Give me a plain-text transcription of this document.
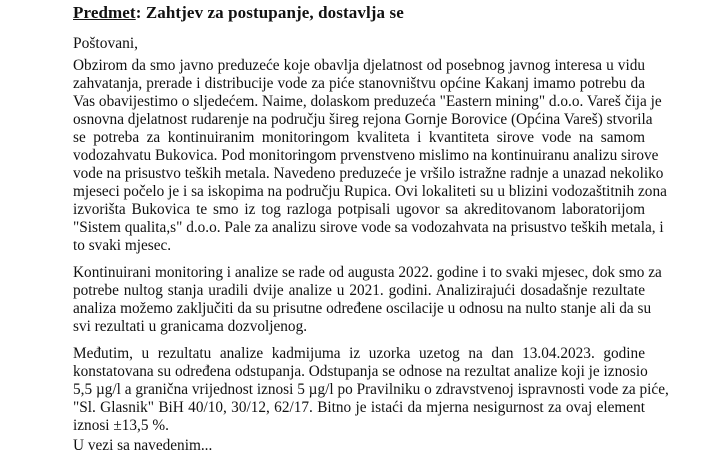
Predmet: Zahtjev za postupanje, dostavlja se
Poštovani,
Obzirom da smo javno preduzeće koje obavlja djelatnost od posebnog javnog interesa u vidu
zahvatanja, prerade i distribucije vode za piće stanovništvu općine Kakanj imamo potrebu da
Vas obavijestimo o sljedećem. Naime, dolaskom preduzeća "Eastern mining" d.o.o. Vareš čija je
osnovna djelatnost rudarenje na području šireg rejona Gornje Borovice (Općina Vareš) stvorila
se potreba za kontinuiranim monitoringom kvaliteta i kvantiteta sirove vode na samom
vodozahvatu Bukovica. Pod monitoringom prvenstveno mislimo na kontinuiranu analizu sirove
vode na prisustvo teških metala. Navedeno preduzeće je vršilo istražne radnje a unazad nekoliko
mjeseci počelo je i sa iskopima na području Rupica. Ovi lokaliteti su u blizini vodozaštitnih zona
izvorišta Bukovica te smo iz tog razloga potpisali ugovor sa akreditovanom laboratorijom
"Sistem qualita,s" d.o.o. Pale za analizu sirove vode sa vodozahvata na prisustvo teških metala, i
to svaki mjesec.
Kontinuirani monitoring i analize se rade od augusta 2022. godine i to svaki mjesec, dok smo za
potrebe nultog stanja uradili dvije analize u 2021. godini. Analizirajući dosadašnje rezultate
analiza možemo zaključiti da su prisutne određene oscilacije u odnosu na nulto stanje ali da su
svi rezultati u granicama dozvoljenog.
Međutim, u rezultatu analize kadmijuma iz uzorka uzetog na dan 13.04.2023. godine
konstatovana su određena odstupanja. Odstupanja se odnose na rezultat analize koji je iznosio
5,5 µg/l a granična vrijednost iznosi 5 µg/l po Pravilniku o zdravstvenoj ispravnosti vode za piće,
"Sl. Glasnik" BiH 40/10, 30/12, 62/17. Bitno je istaći da mjerna nesigurnost za ovaj element
iznosi ±13,5 %.
U vezi sa navedenim...
